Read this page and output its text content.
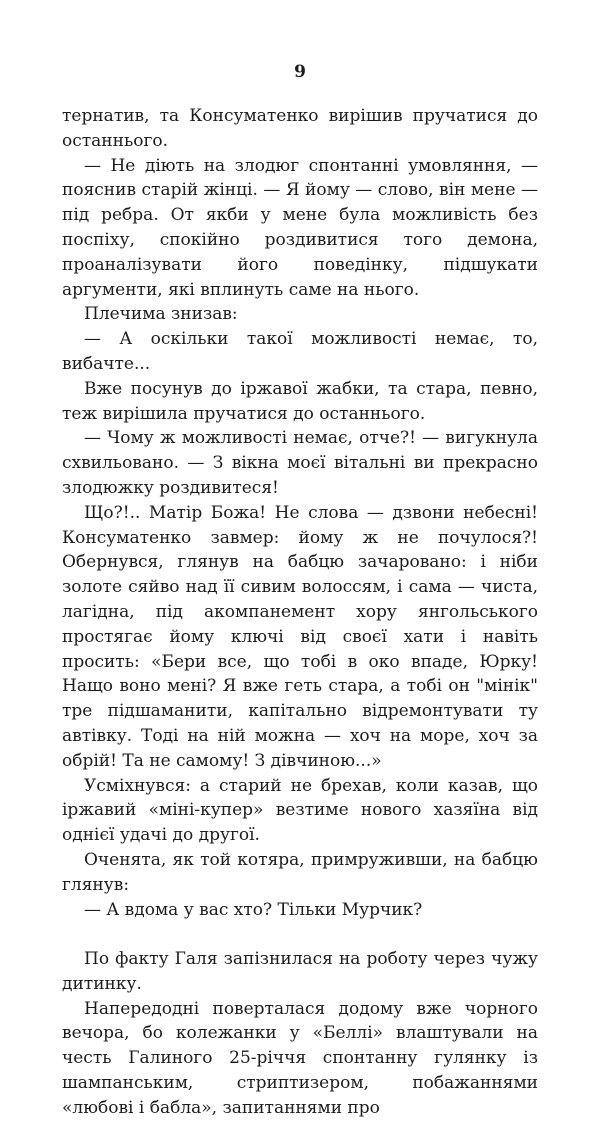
9

тернатив, та Консуматенко вирішив пручатися до останнього.

— Не діють на злодюг спонтанні умовляння, — пояснив старій жінці. — Я йому — слово, він мене — під ребра. От якби у мене була можливість без поспіху, спокійно роздивитися того демона, проаналізувати його поведінку, підшукати аргументи, які вплинуть саме на нього.

Плечима знизав:

— А оскільки такої можливості немає, то, вибачте...

Вже посунув до іржавої жабки, та стара, певно, теж вирішила пручатися до останнього.

— Чому ж можливості немає, отче?! — вигукнула схвильовано. — З вікна моєї вітальні ви прекрасно злодюжку роздивитеся!

Що?!.. Матір Божа! Не слова — дзвони небесні! Консуматенко завмер: йому ж не почулося?! Обернувся, глянув на бабцю зачаровано: і ніби золоте сяйво над її сивим волоссям, і сама — чиста, лагідна, під акомпанемент хору янгольського простягає йому ключі від своєї хати і навіть просить: «Бери все, що тобі в око впаде, Юрку! Нащо воно мені? Я вже геть стара, а тобі он "мінік" тре підшаманити, капітально відремонтувати ту автівку. Тоді на ній можна — хоч на море, хоч за обрій! Та не самому! З дівчиною...»

Усміхнувся: а старий не брехав, коли казав, що іржавий «міні-купер» везтиме нового хазяїна від однієї удачі до другої.

Оченята, як той котяра, примруживши, на бабцю глянув:

— А вдома у вас хто? Тільки Мурчик?

По факту Галя запізнилася на роботу через чужу дитинку.

Напередодні поверталася додому вже чорного вечора, бо колежанки у «Беллі» влаштували на честь Галиного 25-річчя спонтанну гулянку із шампанським, стриптизером, побажаннями «любові і бабла», запитаннями про
